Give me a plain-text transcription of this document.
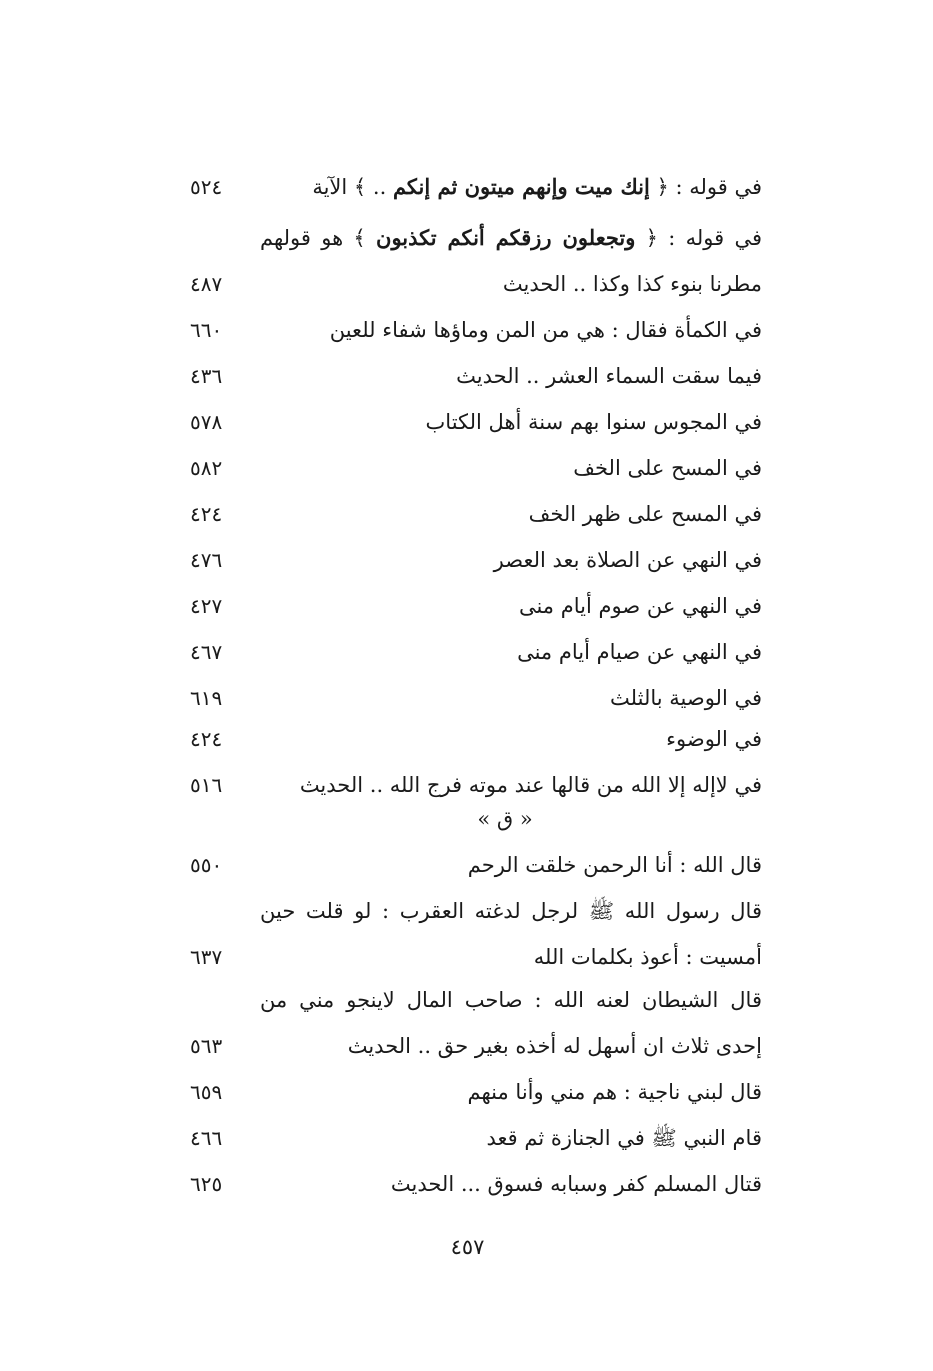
في قوله : ﴿ إنك ميت وإنهم ميتون ثم إنكم .. ﴾ الآية
٥٢٤
في قوله : ﴿ وتجعلون رزقكم أنكم تكذبون ﴾ هو قولهم
مطرنا بنوء كذا وكذا .. الحديث
٤٨٧
في الكمأة فقال : هي من المن وماؤها شفاء للعين
٦٦٠
فيما سقت السماء العشر .. الحديث
٤٣٦
في المجوس سنوا بهم سنة أهل الكتاب
٥٧٨
في المسح على الخف
٥٨٢
في المسح على ظهر الخف
٤٢٤
في النهي عن الصلاة بعد العصر
٤٧٦
في النهي عن صوم أيام منى
٤٢٧
في النهي عن صيام أيام منى
٤٦٧
في الوصية بالثلث
٦١٩
في الوضوء
٤٢٤
في لاإله إلا الله من قالها عند موته فرج الله .. الحديث
٥١٦
« ق »
قال الله : أنا الرحمن خلقت الرحم
٥٥٠
قال رسول الله ﷺ لرجل لدغته العقرب : لو قلت حين
أمسيت : أعوذ بكلمات الله
٦٣٧
قال الشيطان لعنه الله : صاحب المال لاينجو مني من
إحدى ثلاث ان أسهل له أخذه بغير حق .. الحديث
٥٦٣
قال لبني ناجية : هم مني وأنا منهم
٦٥٩
قام النبي ﷺ في الجنازة ثم قعد
٤٦٦
قتال المسلم كفر وسبابه فسوق ... الحديث
٦٢٥
٤٥٧
